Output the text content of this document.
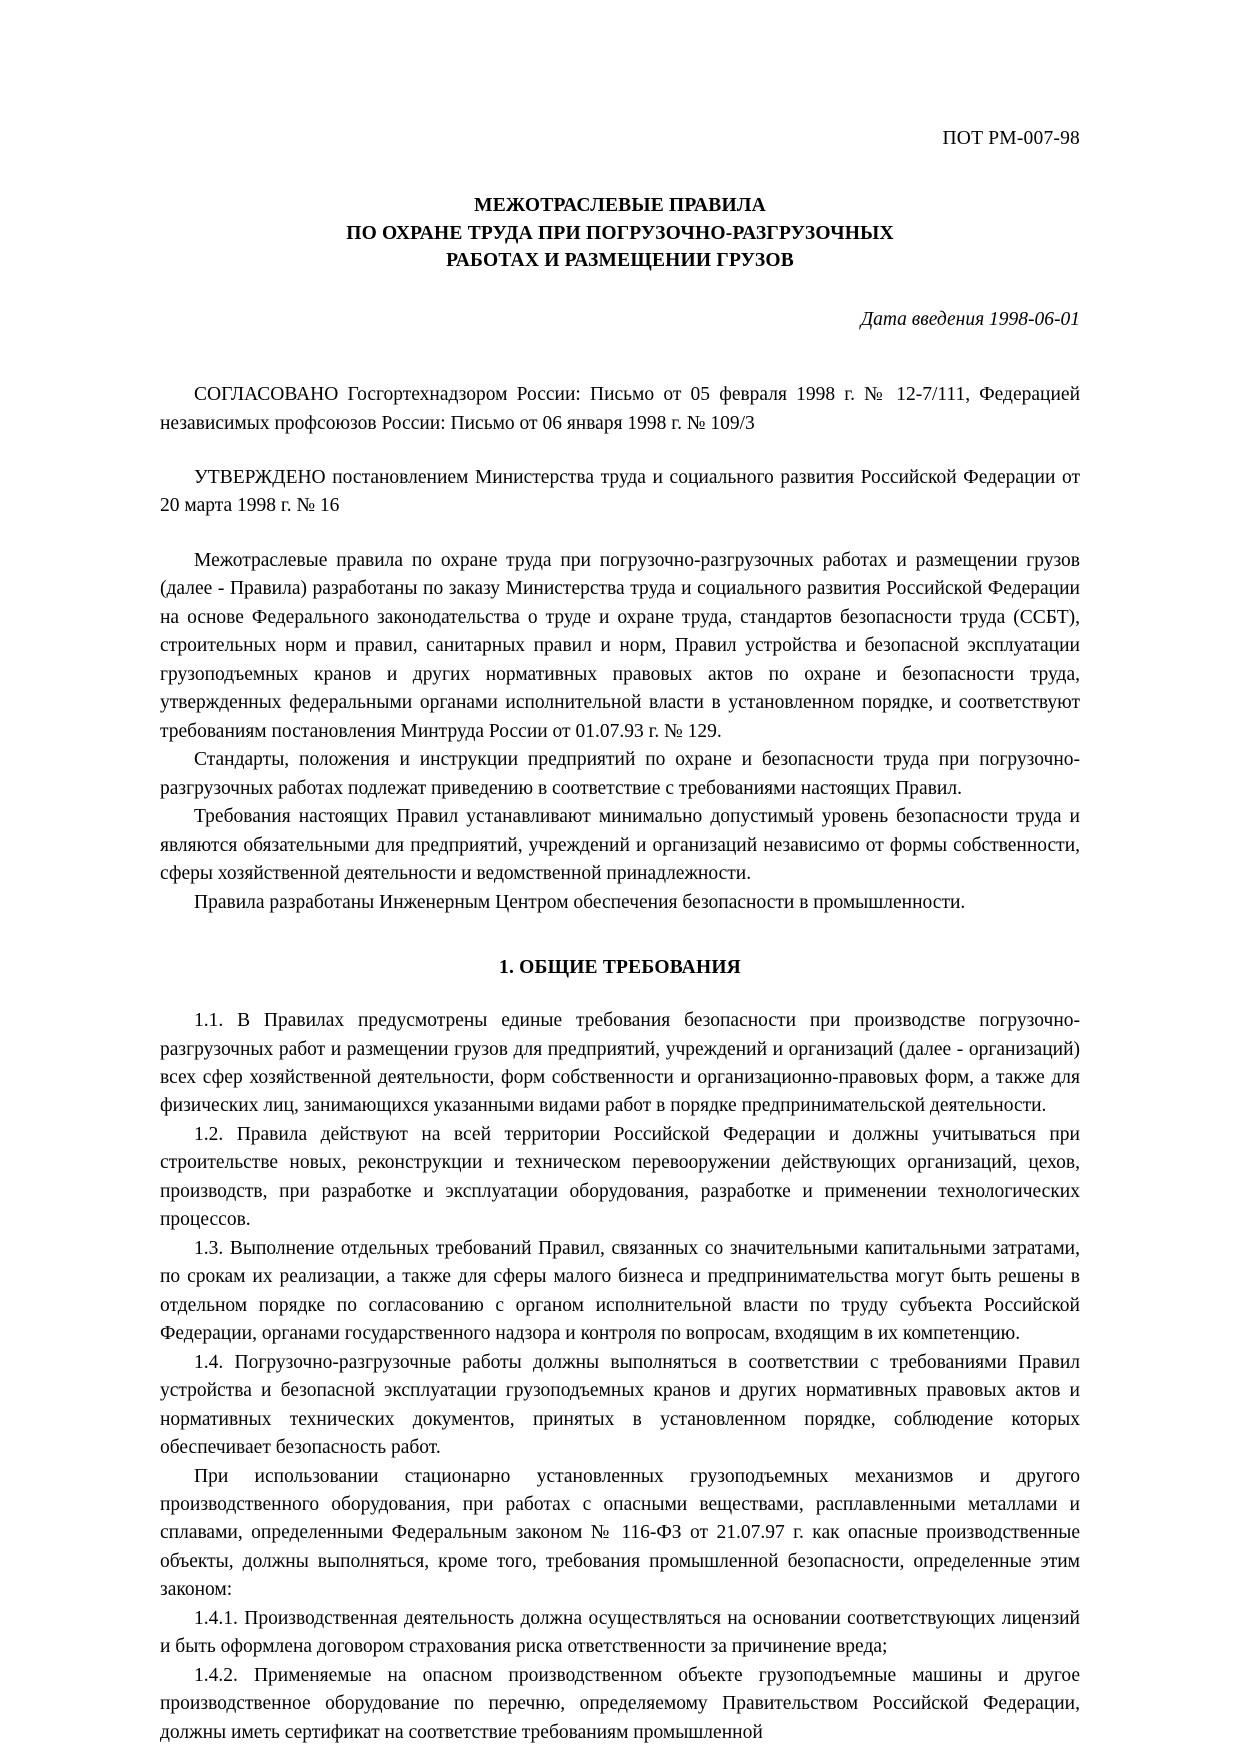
ПОТ РМ-007-98
МЕЖОТРАСЛЕВЫЕ ПРАВИЛА
ПО ОХРАНЕ ТРУДА ПРИ ПОГРУЗОЧНО-РАЗГРУЗОЧНЫХ
РАБОТАХ И РАЗМЕЩЕНИИ ГРУЗОВ
Дата введения 1998-06-01

СОГЛАСОВАНО Госгортехнадзором России: Письмо от 05 февраля 1998 г. № 12-7/111, Федерацией независимых профсоюзов России: Письмо от 06 января 1998 г. № 109/3

УТВЕРЖДЕНО постановлением Министерства труда и социального развития Российской Федерации от 20 марта 1998 г. № 16

Межотраслевые правила по охране труда при погрузочно-разгрузочных работах и размещении грузов (далее - Правила) разработаны по заказу Министерства труда и социального развития Российской Федерации на основе Федерального законодательства о труде и охране труда, стандартов безопасности труда (ССБТ), строительных норм и правил, санитарных правил и норм, Правил устройства и безопасной эксплуатации грузоподъемных кранов и других нормативных правовых актов по охране и безопасности труда, утвержденных федеральными органами исполнительной власти в установленном порядке, и соответствуют требованиям постановления Минтруда России от 01.07.93 г. № 129.

Стандарты, положения и инструкции предприятий по охране и безопасности труда при погрузочно-разгрузочных работах подлежат приведению в соответствие с требованиями настоящих Правил.

Требования настоящих Правил устанавливают минимально допустимый уровень безопасности труда и являются обязательными для предприятий, учреждений и организаций независимо от формы собственности, сферы хозяйственной деятельности и ведомственной принадлежности.

Правила разработаны Инженерным Центром обеспечения безопасности в промышленности.

1. ОБЩИЕ ТРЕБОВАНИЯ

1.1. В Правилах предусмотрены единые требования безопасности при производстве погрузочно-разгрузочных работ и размещении грузов для предприятий, учреждений и организаций (далее - организаций) всех сфер хозяйственной деятельности, форм собственности и организационно-правовых форм, а также для физических лиц, занимающихся указанными видами работ в порядке предпринимательской деятельности.

1.2. Правила действуют на всей территории Российской Федерации и должны учитываться при строительстве новых, реконструкции и техническом перевооружении действующих организаций, цехов, производств, при разработке и эксплуатации оборудования, разработке и применении технологических процессов.

1.3. Выполнение отдельных требований Правил, связанных со значительными капитальными затратами, по срокам их реализации, а также для сферы малого бизнеса и предпринимательства могут быть решены в отдельном порядке по согласованию с органом исполнительной власти по труду субъекта Российской Федерации, органами государственного надзора и контроля по вопросам, входящим в их компетенцию.

1.4. Погрузочно-разгрузочные работы должны выполняться в соответствии с требованиями Правил устройства и безопасной эксплуатации грузоподъемных кранов и других нормативных правовых актов и нормативных технических документов, принятых в установленном порядке, соблюдение которых обеспечивает безопасность работ.

При использовании стационарно установленных грузоподъемных механизмов и другого производственного оборудования, при работах с опасными веществами, расплавленными металлами и сплавами, определенными Федеральным законом № 116-ФЗ от 21.07.97 г. как опасные производственные объекты, должны выполняться, кроме того, требования промышленной безопасности, определенные этим законом:

1.4.1. Производственная деятельность должна осуществляться на основании соответствующих лицензий и быть оформлена договором страхования риска ответственности за причинение вреда;

1.4.2. Применяемые на опасном производственном объекте грузоподъемные машины и другое производственное оборудование по перечню, определяемому Правительством Российской Федерации, должны иметь сертификат на соответствие требованиям промышленной
